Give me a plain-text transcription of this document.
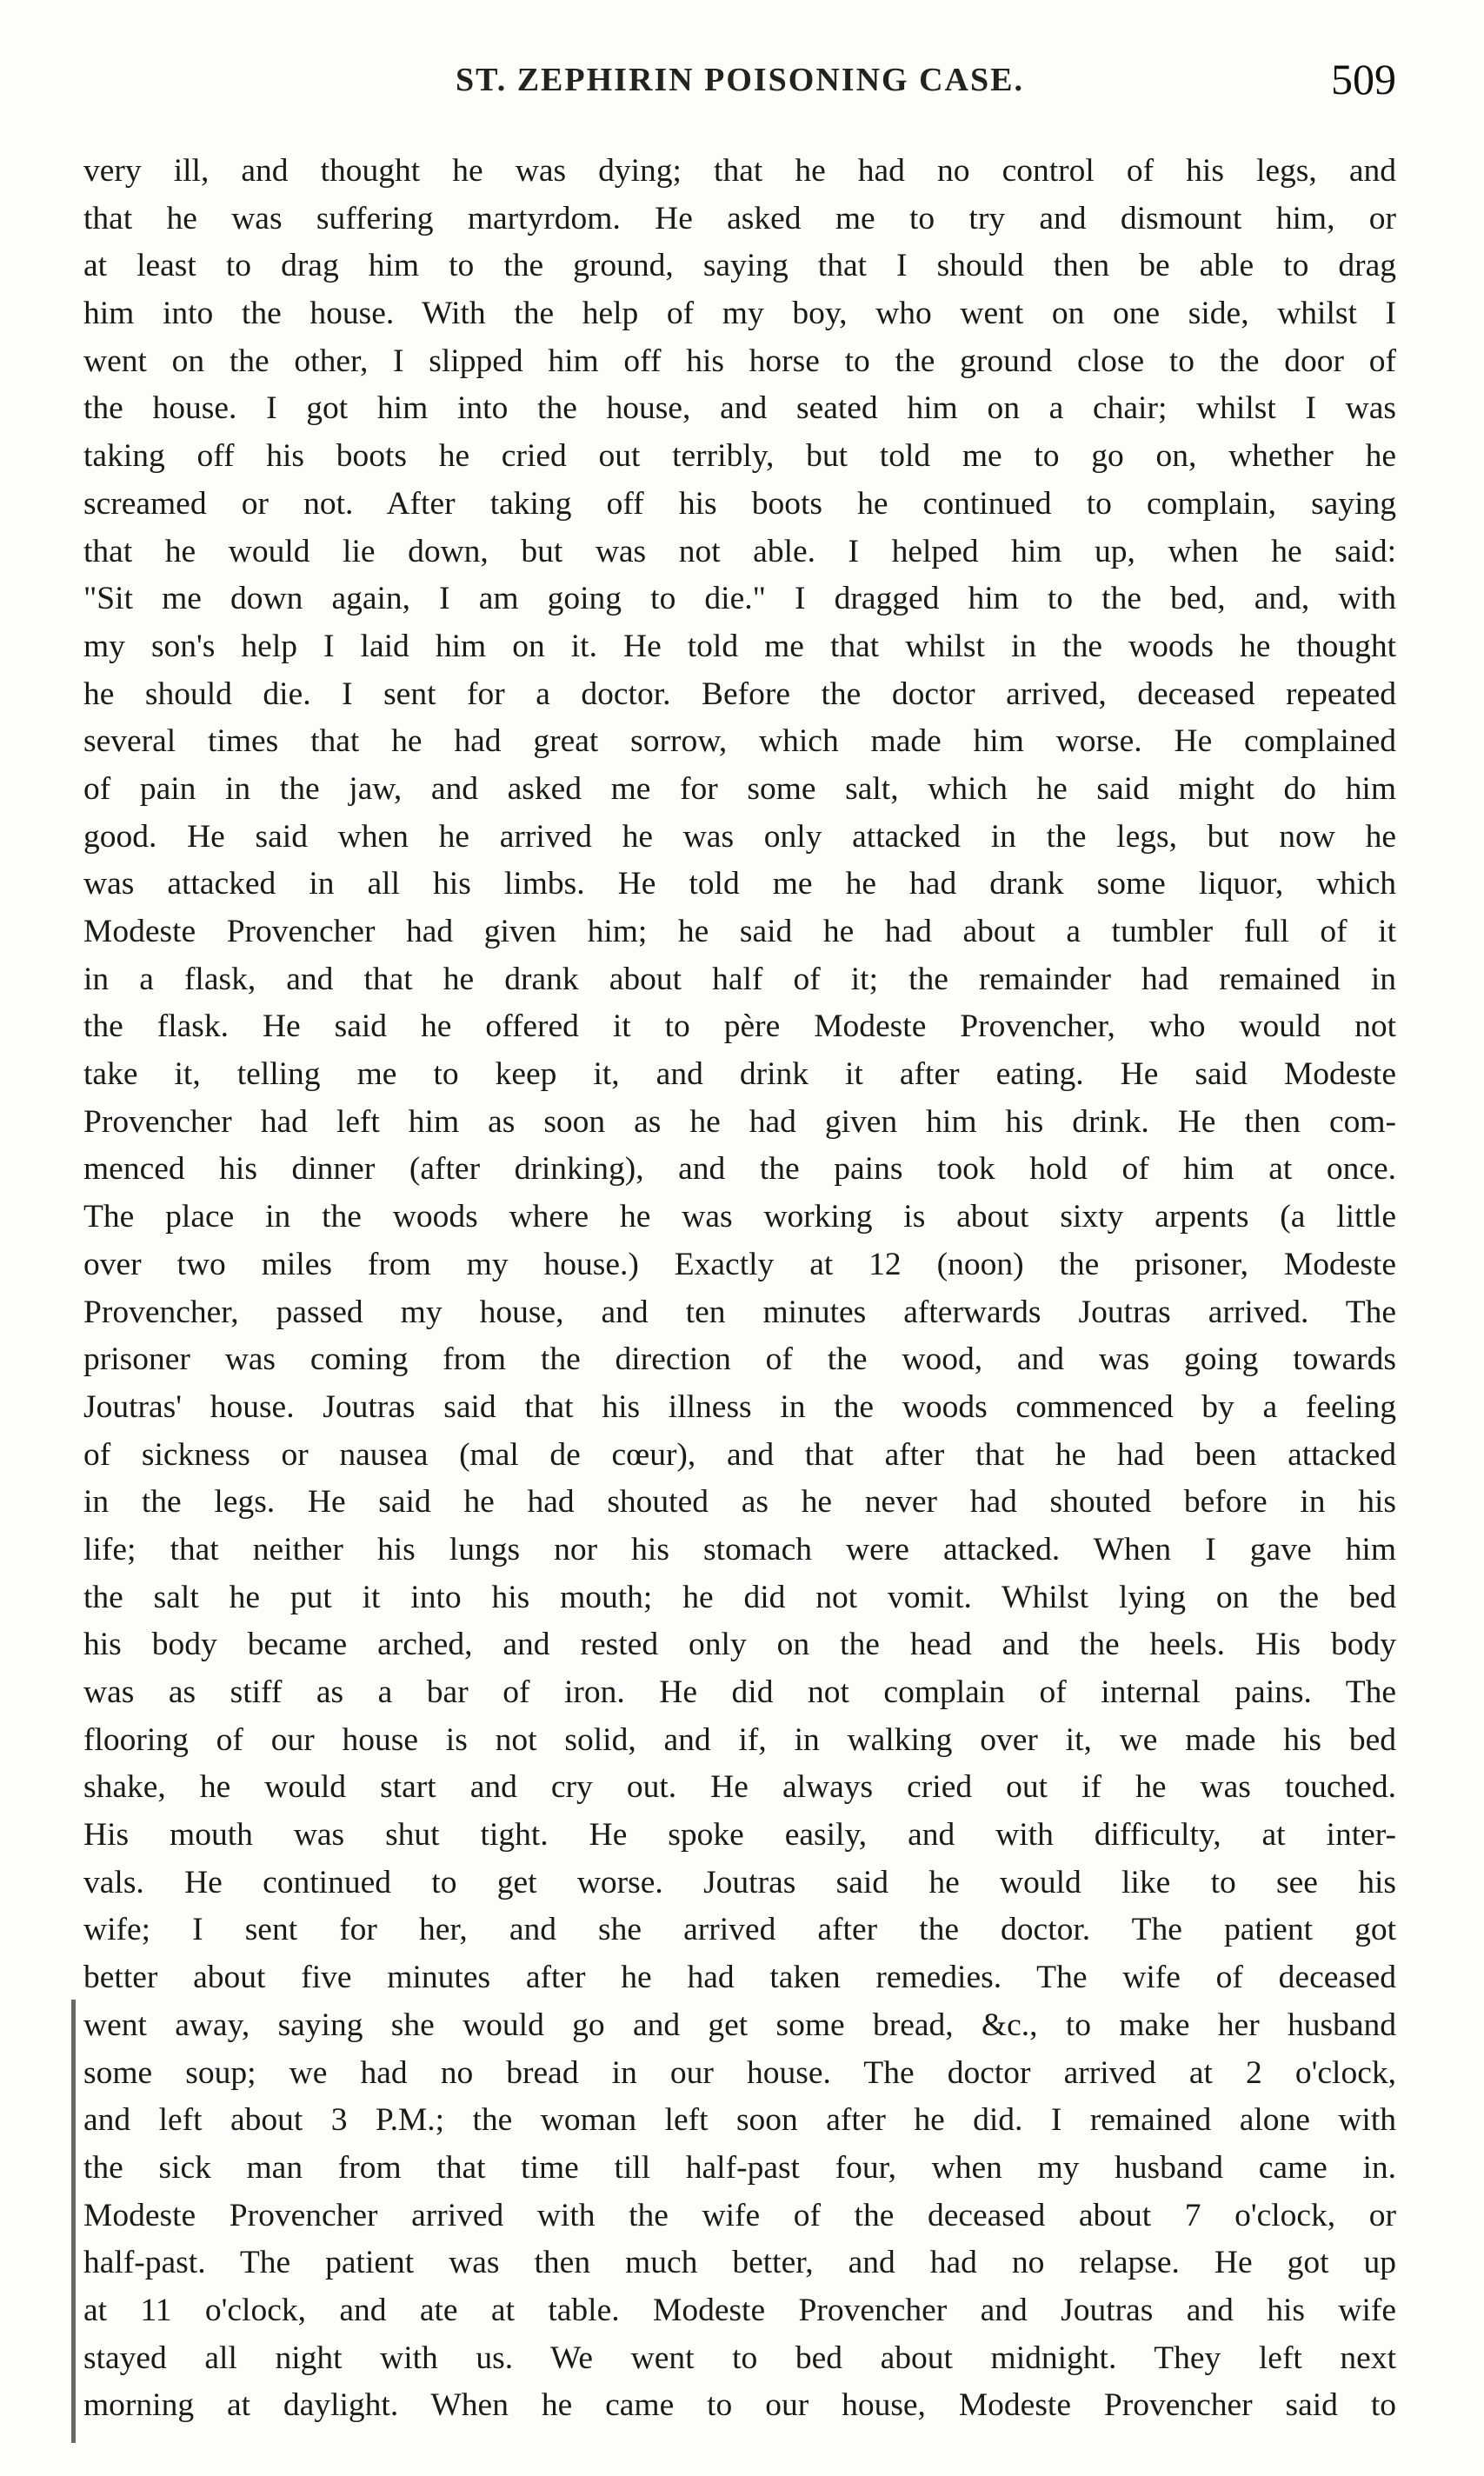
ST. ZEPHIRIN POISONING CASE.	509
very ill, and thought he was dying; that he had no control of his legs, and
that he was suffering martyrdom. He asked me to try and dismount him, or
at least to drag him to the ground, saying that I should then be able to drag
him into the house. With the help of my boy, who went on one side, whilst I
went on the other, I slipped him off his horse to the ground close to the door of
the house. I got him into the house, and seated him on a chair; whilst I was
taking off his boots he cried out terribly, but told me to go on, whether he
screamed or not. After taking off his boots he continued to complain, saying
that he would lie down, but was not able. I helped him up, when he said:
"Sit me down again, I am going to die." I dragged him to the bed, and, with
my son's help I laid him on it. He told me that whilst in the woods he thought
he should die. I sent for a doctor. Before the doctor arrived, deceased repeated
several times that he had great sorrow, which made him worse. He complained
of pain in the jaw, and asked me for some salt, which he said might do him
good. He said when he arrived he was only attacked in the legs, but now he
was attacked in all his limbs. He told me he had drank some liquor, which
Modeste Provencher had given him; he said he had about a tumbler full of it
in a flask, and that he drank about half of it; the remainder had remained in
the flask. He said he offered it to père Modeste Provencher, who would not
take it, telling me to keep it, and drink it after eating. He said Modeste
Provencher had left him as soon as he had given him his drink. He then com-
menced his dinner (after drinking), and the pains took hold of him at once.
The place in the woods where he was working is about sixty arpents (a little
over two miles from my house.) Exactly at 12 (noon) the prisoner, Modeste
Provencher, passed my house, and ten minutes afterwards Joutras arrived. The
prisoner was coming from the direction of the wood, and was going towards
Joutras' house. Joutras said that his illness in the woods commenced by a feeling
of sickness or nausea (mal de cœur), and that after that he had been attacked
in the legs. He said he had shouted as he never had shouted before in his
life; that neither his lungs nor his stomach were attacked. When I gave him
the salt he put it into his mouth; he did not vomit. Whilst lying on the bed
his body became arched, and rested only on the head and the heels. His body
was as stiff as a bar of iron. He did not complain of internal pains. The
flooring of our house is not solid, and if, in walking over it, we made his bed
shake, he would start and cry out. He always cried out if he was touched.
His mouth was shut tight. He spoke easily, and with difficulty, at inter-
vals. He continued to get worse. Joutras said he would like to see his
wife; I sent for her, and she arrived after the doctor. The patient got
better about five minutes after he had taken remedies. The wife of deceased
went away, saying she would go and get some bread, &c., to make her husband
some soup; we had no bread in our house. The doctor arrived at 2 o'clock,
and left about 3 P.M.; the woman left soon after he did. I remained alone with
the sick man from that time till half-past four, when my husband came in.
Modeste Provencher arrived with the wife of the deceased about 7 o'clock, or
half-past. The patient was then much better, and had no relapse. He got up
at 11 o'clock, and ate at table. Modeste Provencher and Joutras and his wife
stayed all night with us. We went to bed about midnight. They left next
morning at daylight. When he came to our house, Modeste Provencher said to
